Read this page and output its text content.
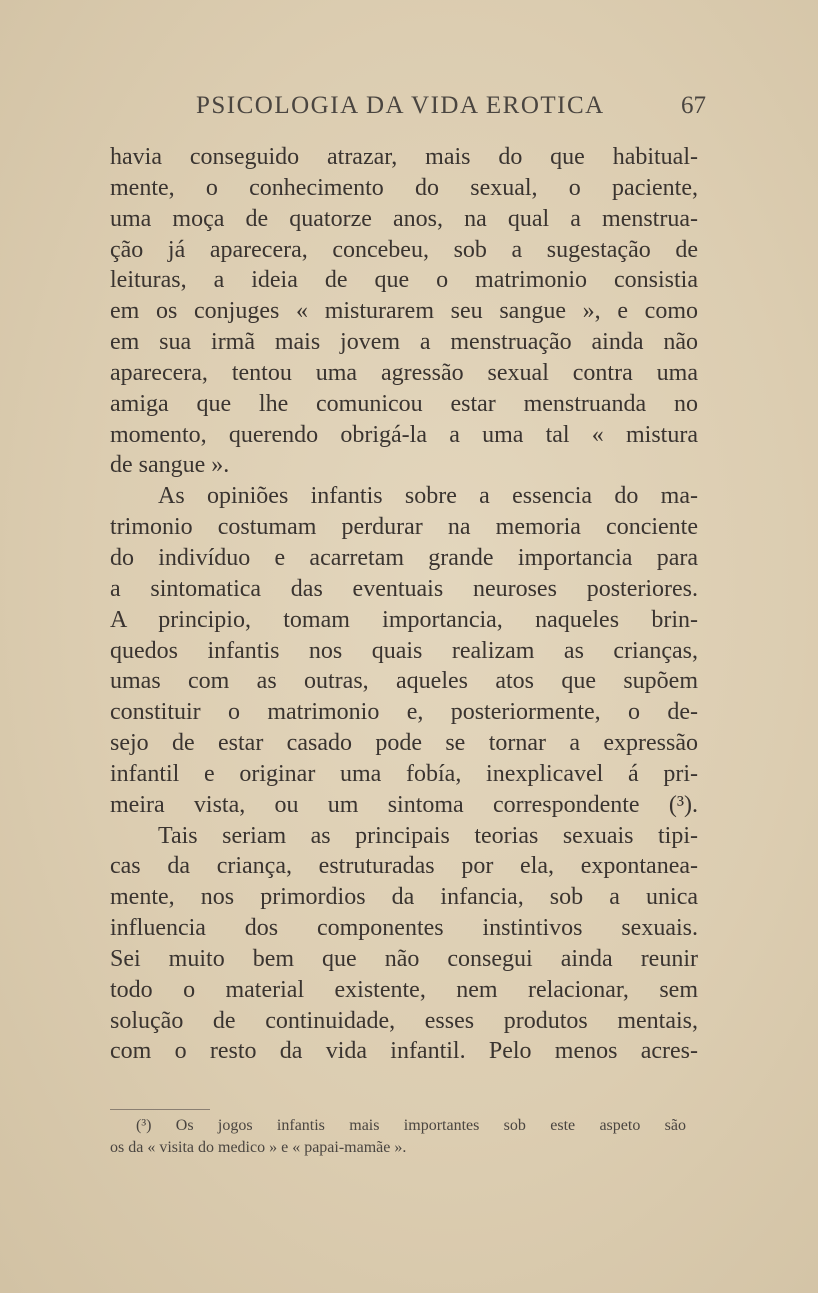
PSICOLOGIA DA VIDA EROTICA	67
havia conseguido atrazar, mais do que habitual-
mente, o conhecimento do sexual, o paciente,
uma moça de quatorze anos, na qual a menstrua-
ção já aparecera, concebeu, sob a sugestação de
leituras, a ideia de que o matrimonio consistia
em os conjuges « misturarem seu sangue », e como
em sua irmã mais jovem a menstruação ainda não
aparecera, tentou uma agressão sexual contra uma
amiga que lhe comunicou estar menstruanda no
momento, querendo obrigá-la a uma tal « mistura
de sangue ».
As opiniões infantis sobre a essencia do ma-
trimonio costumam perdurar na memoria conciente
do indivíduo e acarretam grande importancia para
a sintomatica das eventuais neuroses posteriores.
A principio, tomam importancia, naqueles brin-
quedos infantis nos quais realizam as crianças,
umas com as outras, aqueles atos que supõem
constituir o matrimonio e, posteriormente, o de-
sejo de estar casado pode se tornar a expressão
infantil e originar uma fobía, inexplicavel á pri-
meira vista, ou um sintoma correspondente (³).
Tais seriam as principais teorias sexuais tipi-
cas da criança, estruturadas por ela, expontanea-
mente, nos primordios da infancia, sob a unica
influencia dos componentes instintivos sexuais.
Sei muito bem que não consegui ainda reunir
todo o material existente, nem relacionar, sem
solução de continuidade, esses produtos mentais,
com o resto da vida infantil. Pelo menos acres-
(³) Os jogos infantis mais importantes sob este aspeto são
os da « visita do medico » e « papai-mamãe ».
